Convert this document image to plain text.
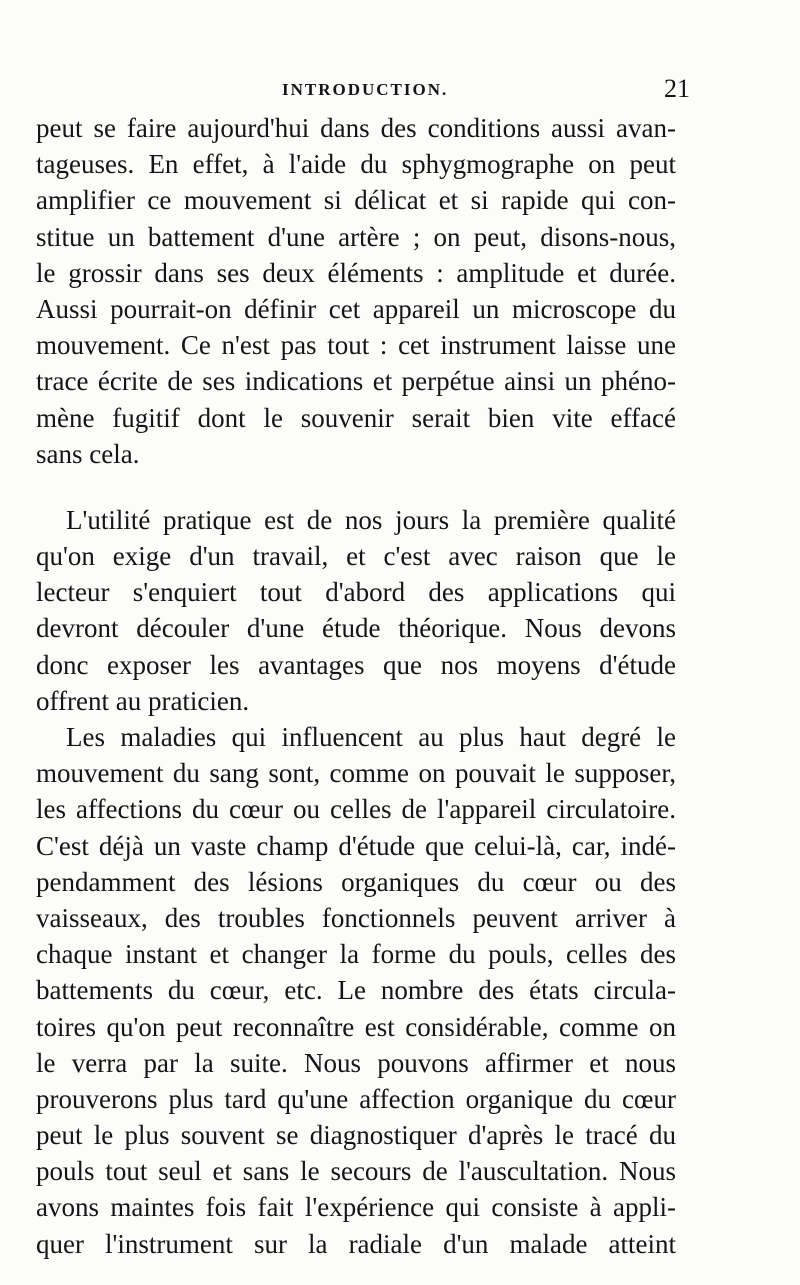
INTRODUCTION.	21
peut se faire aujourd'hui dans des conditions aussi avan-
tageuses. En effet, à l'aide du sphygmographe on peut
amplifier ce mouvement si délicat et si rapide qui con-
stitue un battement d'une artère ; on peut, disons-nous,
le grossir dans ses deux éléments : amplitude et durée.
Aussi pourrait-on définir cet appareil un microscope du
mouvement. Ce n'est pas tout : cet instrument laisse une
trace écrite de ses indications et perpétue ainsi un phéno-
mène fugitif dont le souvenir serait bien vite effacé
sans cela.
L'utilité pratique est de nos jours la première qualité
qu'on exige d'un travail, et c'est avec raison que le
lecteur s'enquiert tout d'abord des applications qui
devront découler d'une étude théorique. Nous devons
donc exposer les avantages que nos moyens d'étude
offrent au praticien.
Les maladies qui influencent au plus haut degré le
mouvement du sang sont, comme on pouvait le supposer,
les affections du cœur ou celles de l'appareil circulatoire.
C'est déjà un vaste champ d'étude que celui-là, car, indé-
pendamment des lésions organiques du cœur ou des
vaisseaux, des troubles fonctionnels peuvent arriver à
chaque instant et changer la forme du pouls, celles des
battements du cœur, etc. Le nombre des états circula-
toires qu'on peut reconnaître est considérable, comme on
le verra par la suite. Nous pouvons affirmer et nous
prouverons plus tard qu'une affection organique du cœur
peut le plus souvent se diagnostiquer d'après le tracé du
pouls tout seul et sans le secours de l'auscultation. Nous
avons maintes fois fait l'expérience qui consiste à appli-
quer l'instrument sur la radiale d'un malade atteint
